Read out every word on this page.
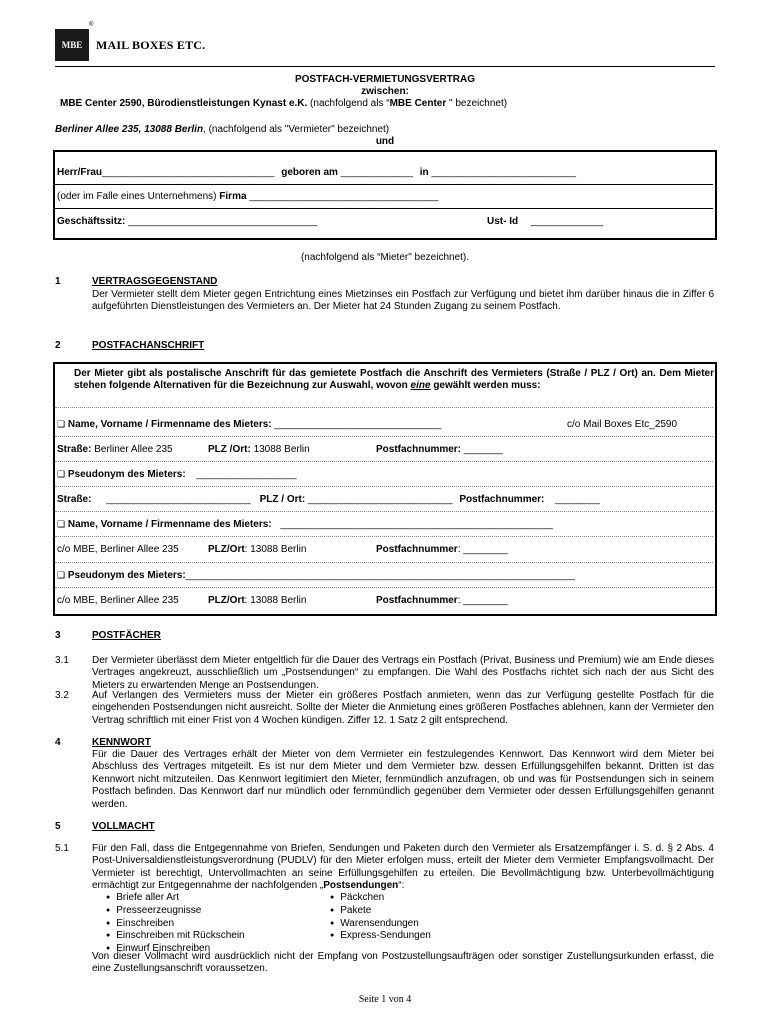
MBE
®
MAIL BOXES ETC.
POSTFACH-VERMIETUNGSVERTRAG
zwischen:
MBE Center 2590, Bürodienstleistungen Kynast e.K. (nachfolgend als “MBE Center " bezeichnet)
Berliner Allee 235, 13088 Berlin, (nachfolgend als "Vermieter" bezeichnet)
und
Herr/Frau_______________________________ geboren am _____________ in __________________________
(oder im Falle eines Unternehmens) Firma __________________________________
Geschäftssitz: __________________________________	Ust- Id _____________
(nachfolgend als “Mieter" bezeichnet).
1	VERTRAGSGEGENSTAND
Der Vermieter stellt dem Mieter gegen Entrichtung eines Mietzinses ein Postfach zur Verfügung und bietet ihm darüber hinaus die in Ziffer 6 aufgeführten Dienstleistungen des Vermieters an. Der Mieter hat 24 Stunden Zugang zu seinem Postfach.
2	POSTFACHANSCHRIFT
Der Mieter gibt als postalische Anschrift für das gemietete Postfach die Anschrift des Vermieters (Straße / PLZ / Ort) an. Dem Mieter stehen folgende Alternativen für die Bezeichnung zur Auswahl, wovon eine gewählt werden muss:
❑ Name, Vorname / Firmenname des Mieters: ______________________________	c/o Mail Boxes Etc_2590
Straße: Berliner Allee 235	PLZ /Ort: 13088 Berlin	Postfachnummer: _______
❑ Pseudonym des Mieters: __________________
Straße: __________________________ PLZ / Ort: __________________________ Postfachnummer: ________
❑ Name, Vorname / Firmenname des Mieters: _________________________________________________
c/o MBE, Berliner Allee 235	PLZ/Ort: 13088 Berlin	Postfachnummer: ________
❑ Pseudonym des Mieters:______________________________________________________________________
c/o MBE, Berliner Allee 235	PLZ/Ort: 13088 Berlin	Postfachnummer: ________
3	POSTFÄCHER
3.1 Der Vermieter überlässt dem Mieter entgeltlich für die Dauer des Vertrags ein Postfach (Privat, Business und Premium) wie am Ende dieses Vertrages angekreuzt, ausschließlich um „Postsendungen“ zu empfangen. Die Wahl des Postfachs richtet sich nach der aus Sicht des Mieters zu erwartenden Menge an Postsendungen.
3.2 Auf Verlangen des Vermieters muss der Mieter ein größeres Postfach anmieten, wenn das zur Verfügung gestellte Postfach für die eingehenden Postsendungen nicht ausreicht. Sollte der Mieter die Anmietung eines größeren Postfaches ablehnen, kann der Vermieter den Vertrag schriftlich mit einer Frist von 4 Wochen kündigen. Ziffer 12. 1 Satz 2 gilt entsprechend.
4	KENNWORT
Für die Dauer des Vertrages erhält der Mieter von dem Vermieter ein festzulegendes Kennwort. Das Kennwort wird dem Mieter bei Abschluss des Vertrages mitgeteilt. Es ist nur dem Mieter und dem Vermieter bzw. dessen Erfüllungsgehilfen bekannt. Dritten ist das Kennwort nicht mitzuteilen. Das Kennwort legitimiert den Mieter, fernmündlich anzufragen, ob und was für Postsendungen sich in seinem Postfach befinden. Das Kennwort darf nur mündlich oder fernmündlich gegenüber dem Vermieter oder dessen Erfüllungsgehilfen genannt werden.
5	VOLLMACHT
5.1 Für den Fall, dass die Entgegennahme von Briefen, Sendungen und Paketen durch den Vermieter als Ersatzempfänger i. S. d. § 2 Abs. 4 Post-Universaldienstleistungsverordnung (PUDLV) für den Mieter erfolgen muss, erteilt der Mieter dem Vermieter Empfangsvollmacht. Der Vermieter ist berechtigt, Untervollmachten an seine Erfüllungsgehilfen zu erteilen. Die Bevollmächtigung bzw. Unterbevollmächtigung ermächtigt zur Entgegennahme der nachfolgenden „Postsendungen“:
● Briefe aller Art
● Presseerzeugnisse
● Einschreiben
● Einschreiben mit Rückschein
● Einwurf Einschreiben
● Päckchen
● Pakete
● Warensendungen
● Express-Sendungen
Von dieser Vollmacht wird ausdrücklich nicht der Empfang von Postzustellungsaufträgen oder sonstiger Zustellungsurkunden erfasst, die eine Zustellungsanschrift voraussetzen.
Seite 1 von 4
